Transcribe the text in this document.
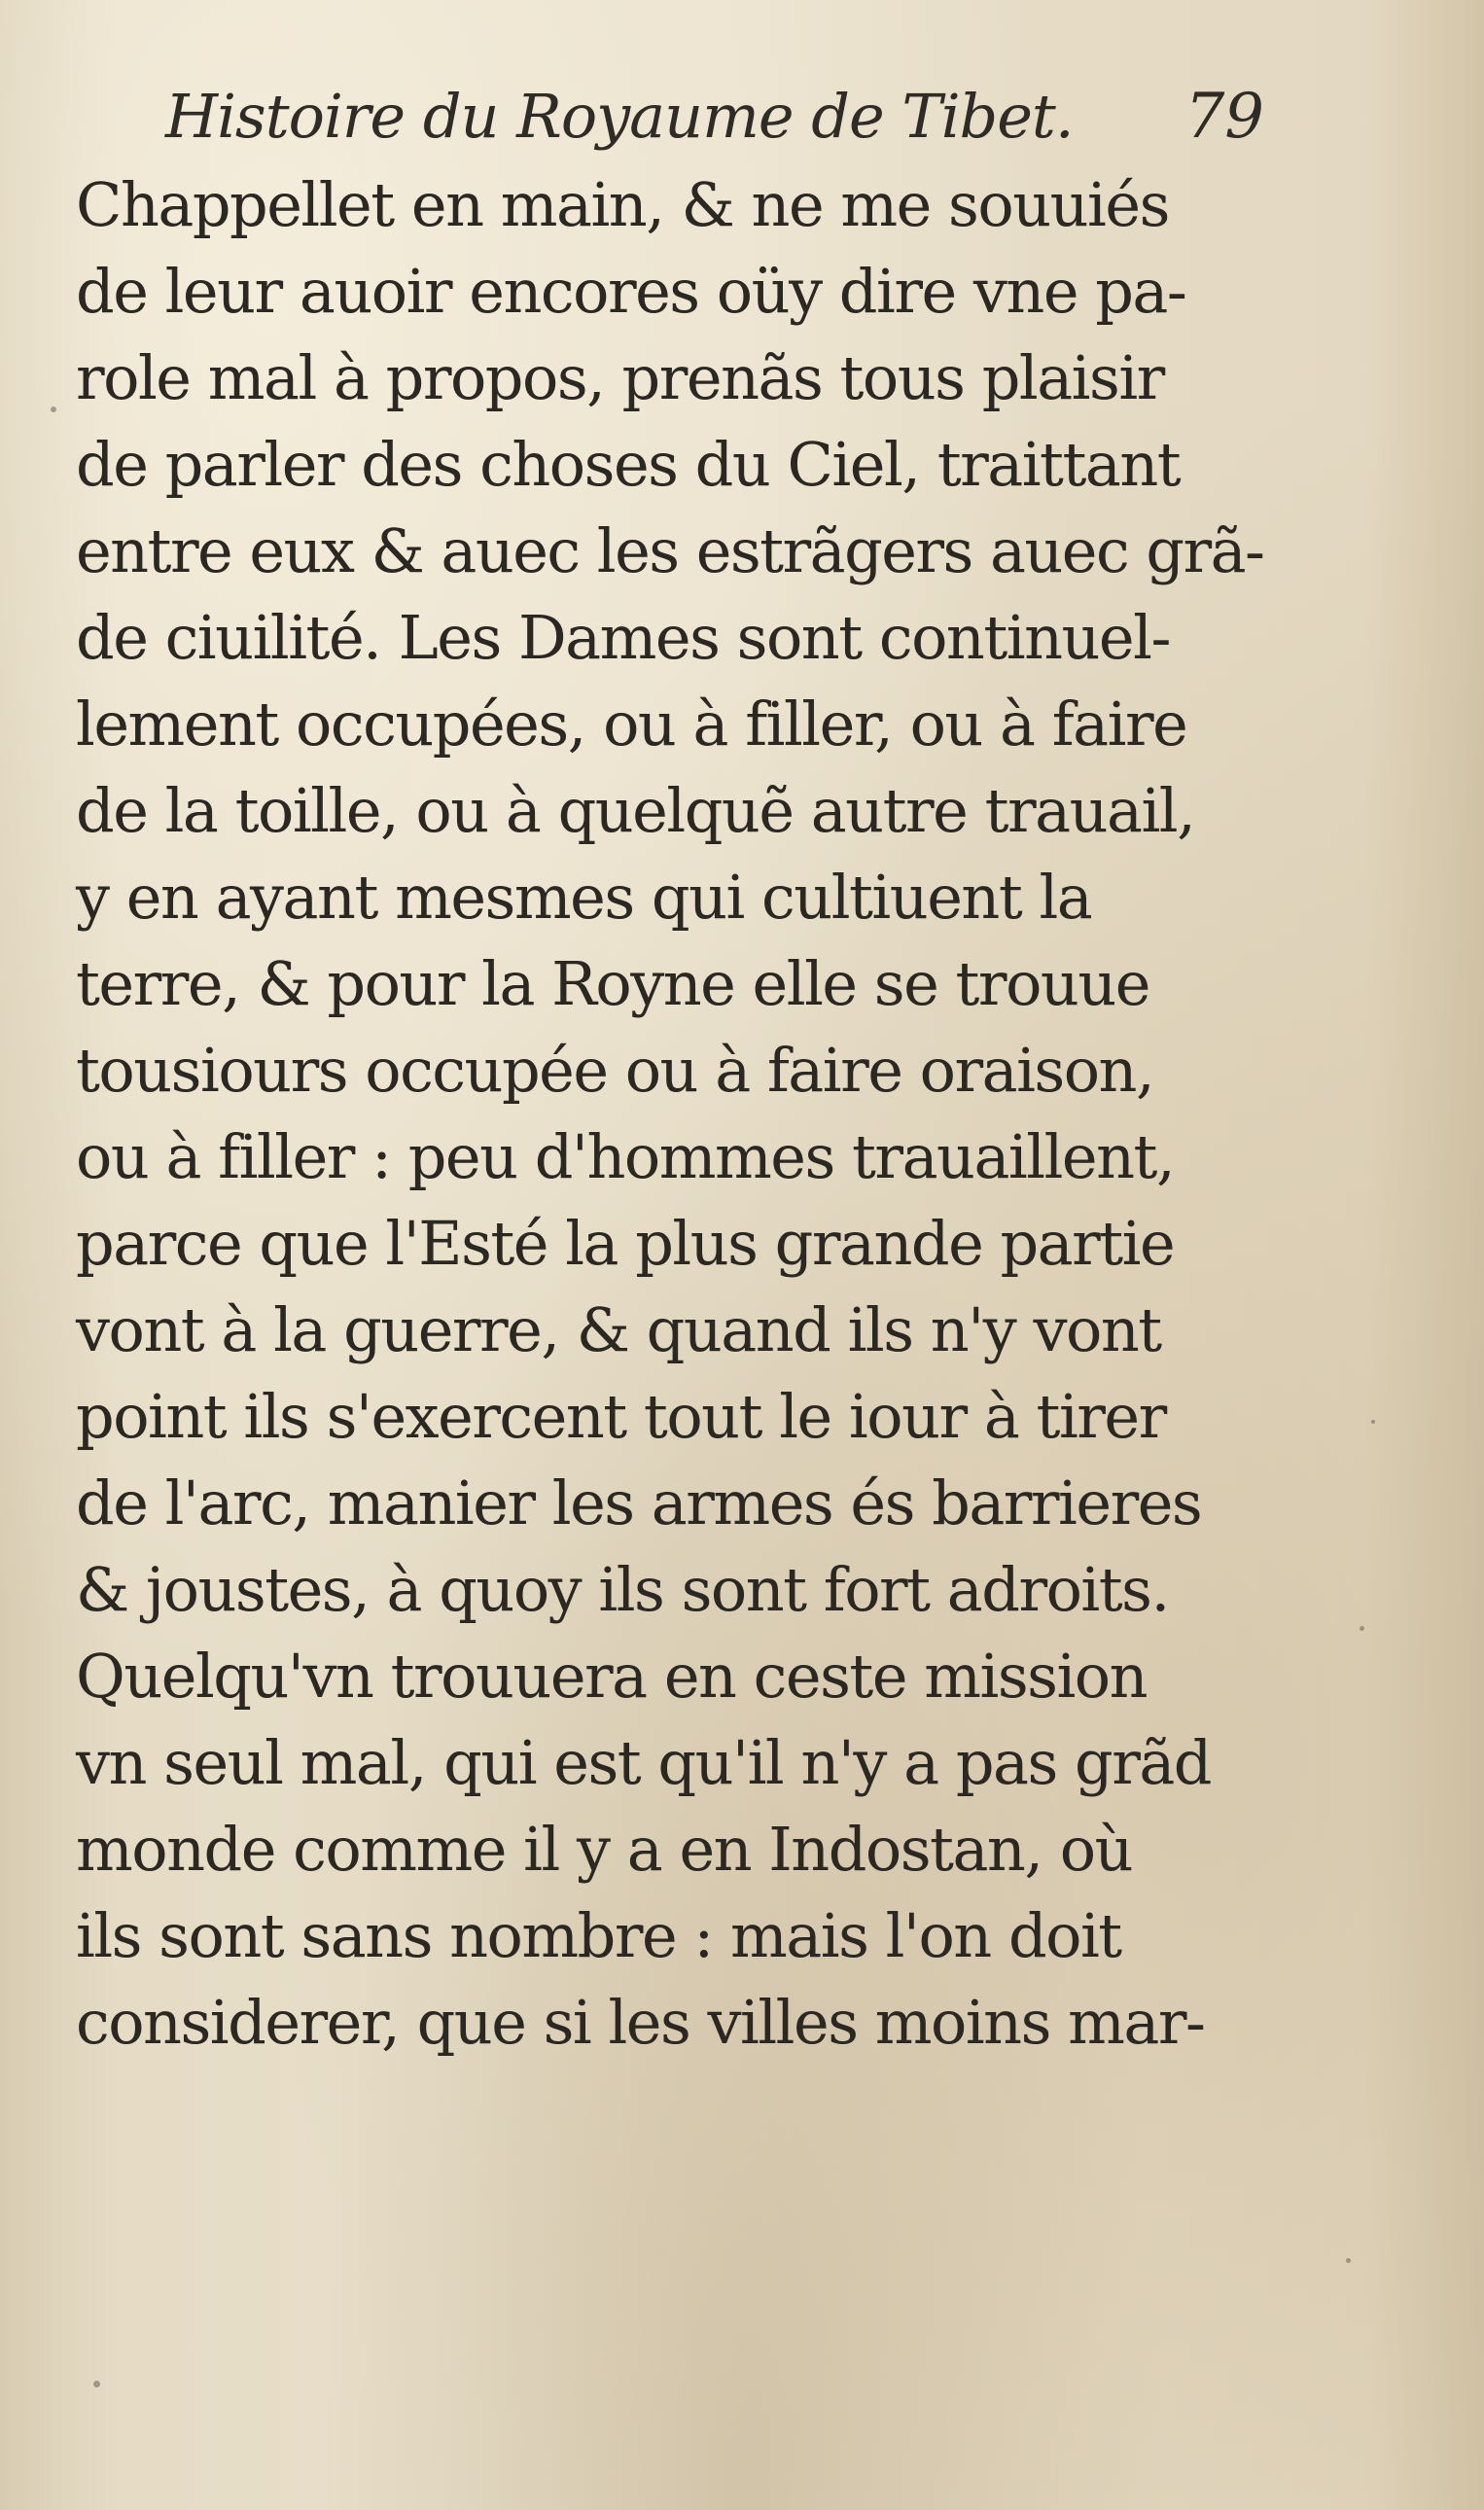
Histoire du Royaume de Tibet. 79
Chappellet en main, & ne me souuiés
de leur auoir encores oüy dire vne pa-
role mal à propos, prenãs tous plaisir
de parler des choses du Ciel, traittant
entre eux & auec les estrãgers auec grã-
de ciuilité. Les Dames sont continuel-
lement occupées, ou à filler, ou à faire
de la toille, ou à quelquẽ autre trauail,
y en ayant mesmes qui cultiuent la
terre, & pour la Royne elle se trouue
tousiours occupée ou à faire oraison,
ou à filler : peu d'hommes trauaillent,
parce que l'Esté la plus grande partie
vont à la guerre, & quand ils n'y vont
point ils s'exercent tout le iour à tirer
de l'arc, manier les armes és barrieres
& joustes, à quoy ils sont fort adroits.
Quelqu'vn trouuera en ceste mission
vn seul mal, qui est qu'il n'y a pas grãd
monde comme il y a en Indostan, où
ils sont sans nombre : mais l'on doit
considerer, que si les villes moins mar-
